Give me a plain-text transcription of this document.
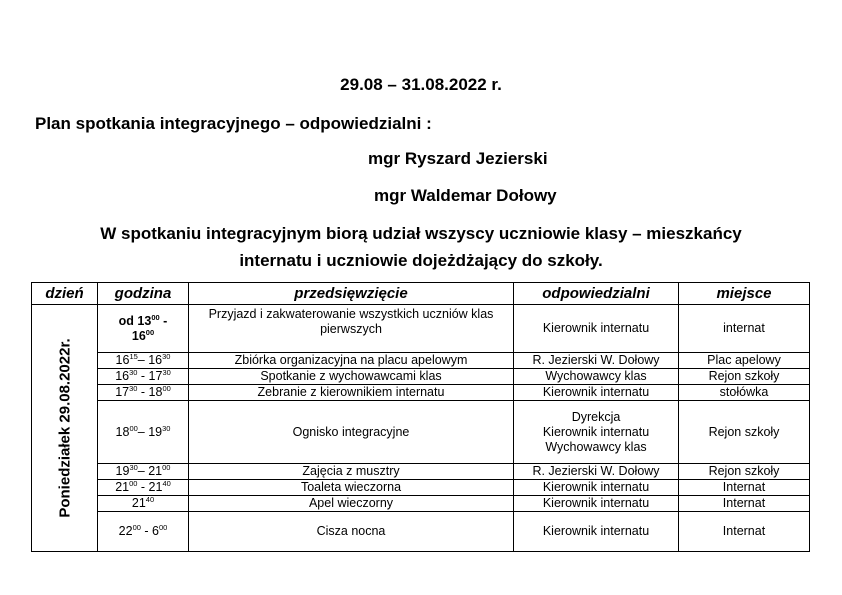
29.08 – 31.08.2022 r.
Plan spotkania integracyjnego – odpowiedzialni :
mgr Ryszard Jezierski
mgr Waldemar Dołowy
W spotkaniu integracyjnym biorą udział wszyscy uczniowie klasy – mieszkańcy
internatu i uczniowie dojeżdżający do szkoły.
dzień	godzina	przedsięwzięcie	odpowiedzialni	miejsce

Poniedziałek 29.08.2022r.	od $13^{00}$ -
$16^{00}$	Przyjazd i zakwaterowanie wszystkich uczniów klas pierwszych	Kierownik internatu	internat
	$16^{15}-$ $16^{30}$	Zbiórka organizacyjna na placu apelowym	R. Jezierski W. Dołowy	Plac apelowy
	$16^{30} - 17^{30}$	Spotkanie z wychowawcami klas	Wychowawcy klas	Rejon szkoły
	$17^{30} - 18^{00}$	Zebranie z kierownikiem internatu	Kierownik internatu	stołówka
	$18^{00}-$ $19^{30}$	Ognisko integracyjne	Dyrekcja
Kierownik internatu
Wychowawcy klas	Rejon szkoły
	$19^{30}-$ $21^{00}$	Zajęcia z musztry	R. Jezierski W. Dołowy	Rejon szkoły
	$21^{00} - 21^{40}$	Toaleta wieczorna	Kierownik internatu	Internat
	$21^{40}$	Apel wieczorny	Kierownik internatu	Internat
	$22^{00} - 6^{00}$	Cisza nocna	Kierownik internatu	Internat
